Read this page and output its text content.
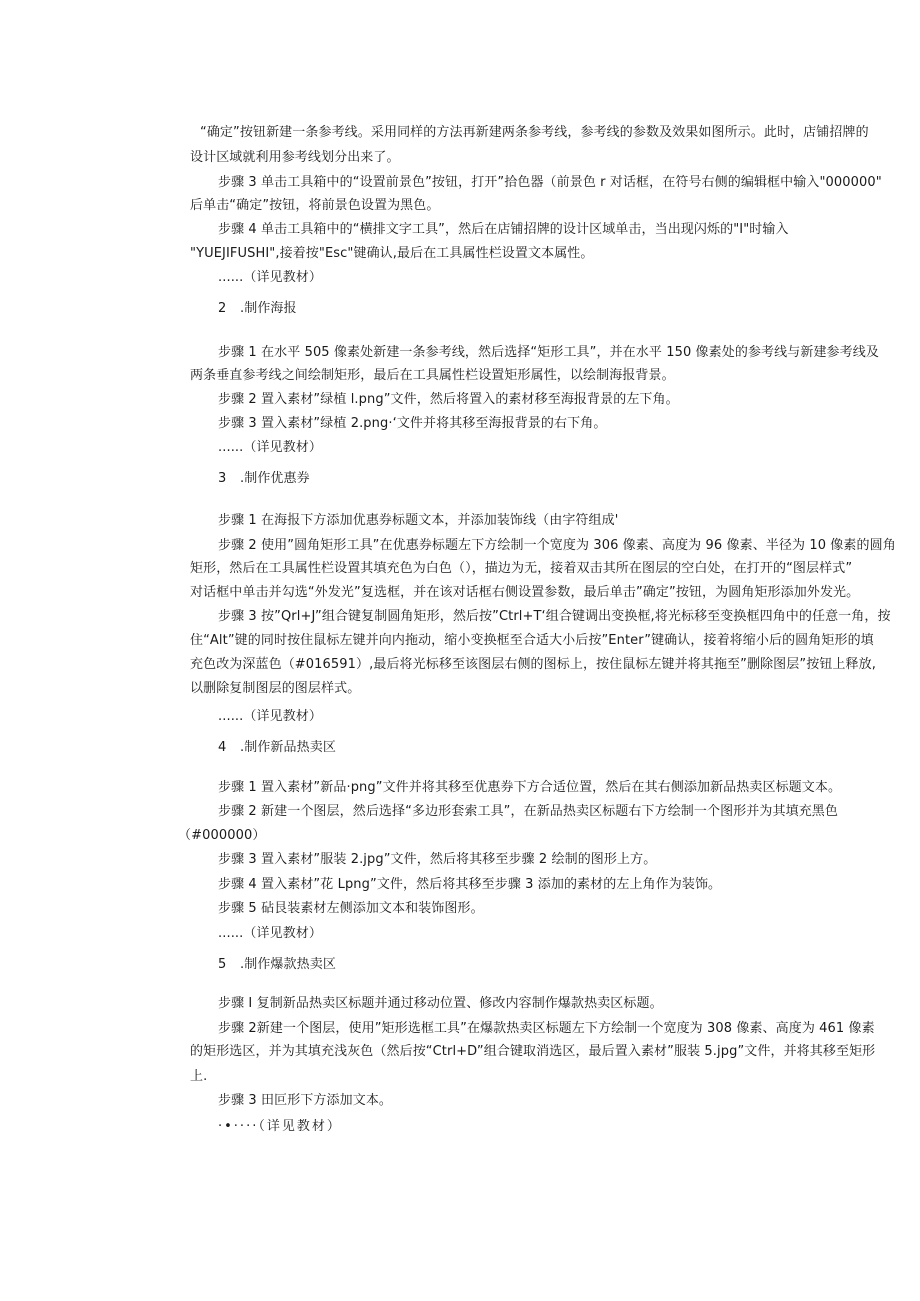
“确定”按钮新建一条参考线。采用同样的方法再新建两条参考线，参考线的参数及效果如图所示。此时，店铺招牌的

设计区域就利用参考线划分出来了。

步骤 3 单击工具箱中的“设置前景色”按钮，打开”拾色器（前景色 r 对话框，在符号右侧的编辑框中输入"000000"

后单击“确定”按钮，将前景色设置为黑色。

步骤 4 单击工具箱中的“横排文字工具”，然后在店铺招牌的设计区域单击，当出现闪烁的"I"时输入

"YUEJIFUSHI",接着按"Esc"键确认,最后在工具属性栏设置文本属性。

......（详见教材）

2 .制作海报

步骤 1 在水平 505 像素处新建一条参考线，然后选择“矩形工具”，并在水平 150 像素处的参考线与新建参考线及

两条垂直参考线之间绘制矩形，最后在工具属性栏设置矩形属性，以绘制海报背景。

步骤 2 置入素材”绿植 l.png”文件，然后将置入的素材移至海报背景的左下角。

步骤 3 置入素材”绿植 2.png·‘文件并将其移至海报背景的右下角。

......（详见教材）

3 .制作优惠券

步骤 1 在海报下方添加优惠券标题文本，并添加装饰线（由字符组成'

步骤 2 使用”圆角矩形工具”在优惠券标题左下方绘制一个宽度为 306 像素、高度为 96 像素、半径为 10 像素的圆角

矩形，然后在工具属性栏设置其填充色为白色（），描边为无，接着双击其所在图层的空白处，在打开的“图层样式”

对话框中单击并勾选“外发光”复选框，并在该对话框右侧设置参数，最后单击”确定”按钮，为圆角矩形添加外发光。

步骤 3 按”Qrl+J”组合键复制圆角矩形，然后按”Ctrl+T‘组合键调出变换框,将光标移至变换框四角中的任意一角，按

住“Alt”键的同时按住鼠标左键并向内拖动，缩小变换框至合适大小后按”Enter”键确认，接着将缩小后的圆角矩形的填

充色改为深蓝色（#016591）,最后将光标移至该图层右侧的图标上，按住鼠标左键并将其拖至”删除图层”按钮上释放,

以删除复制图层的图层样式。

......（详见教材）

4 .制作新品热卖区

步骤 1 置入素材”新品·png”文件并将其移至优惠券下方合适位置，然后在其右侧添加新品热卖区标题文本。

步骤 2 新建一个图层，然后选择“多边形套索工具”，在新品热卖区标题右下方绘制一个图形并为其填充黑色

（#000000）

步骤 3 置入素材”服装 2.jpg”文件，然后将其移至步骤 2 绘制的图形上方。

步骤 4 置入素材”花 Lpng”文件，然后将其移至步骤 3 添加的素材的左上角作为装饰。

步骤 5 砧艮装素材左侧添加文本和装饰图形。

......（详见教材）

5 .制作爆款热卖区

步骤 I 复制新品热卖区标题并通过移动位置、修改内容制作爆款热卖区标题。

步骤 2新建一个图层，使用”矩形选框工具”在爆款热卖区标题左下方绘制一个宽度为 308 像素、高度为 461 像素

的矩形选区，并为其填充浅灰色（然后按“Ctrl+D”组合键取消选区，最后置入素材”服装 5.jpg”文件，并将其移至矩形

上.

步骤 3 田叵形下方添加文本。

·•····（详见教材）
